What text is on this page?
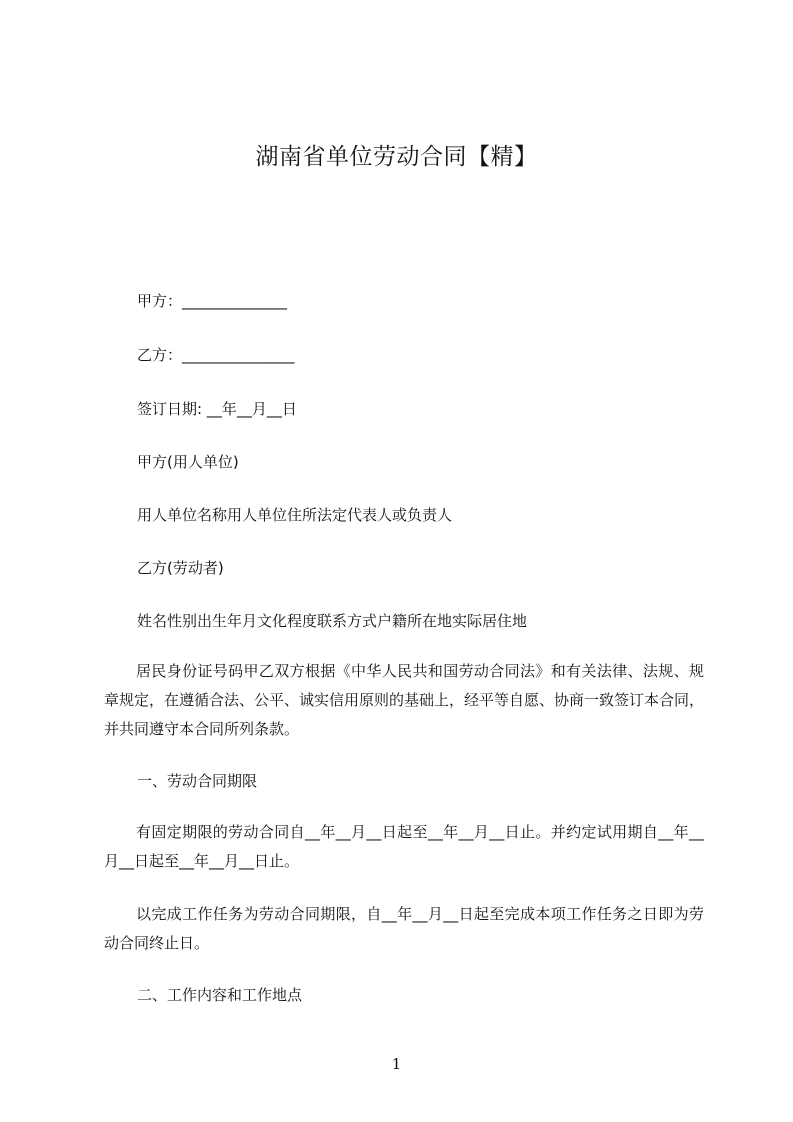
湖南省单位劳动合同【精】

甲方：______________

乙方：_______________

签订日期: __年__月__日

甲方(用人单位)

用人单位名称用人单位住所法定代表人或负责人

乙方(劳动者)

姓名性别出生年月文化程度联系方式户籍所在地实际居住地

居民身份证号码甲乙双方根据《中华人民共和国劳动合同法》和有关法律、法规、规章规定，在遵循合法、公平、诚实信用原则的基础上，经平等自愿、协商一致签订本合同，并共同遵守本合同所列条款。

一、劳动合同期限

有固定期限的劳动合同自__年__月__日起至__年__月__日止。并约定试用期自__年__月__日起至__年__月__日止。

以完成工作任务为劳动合同期限，自__年__月__日起至完成本项工作任务之日即为劳动合同终止日。

二、工作内容和工作地点

1
